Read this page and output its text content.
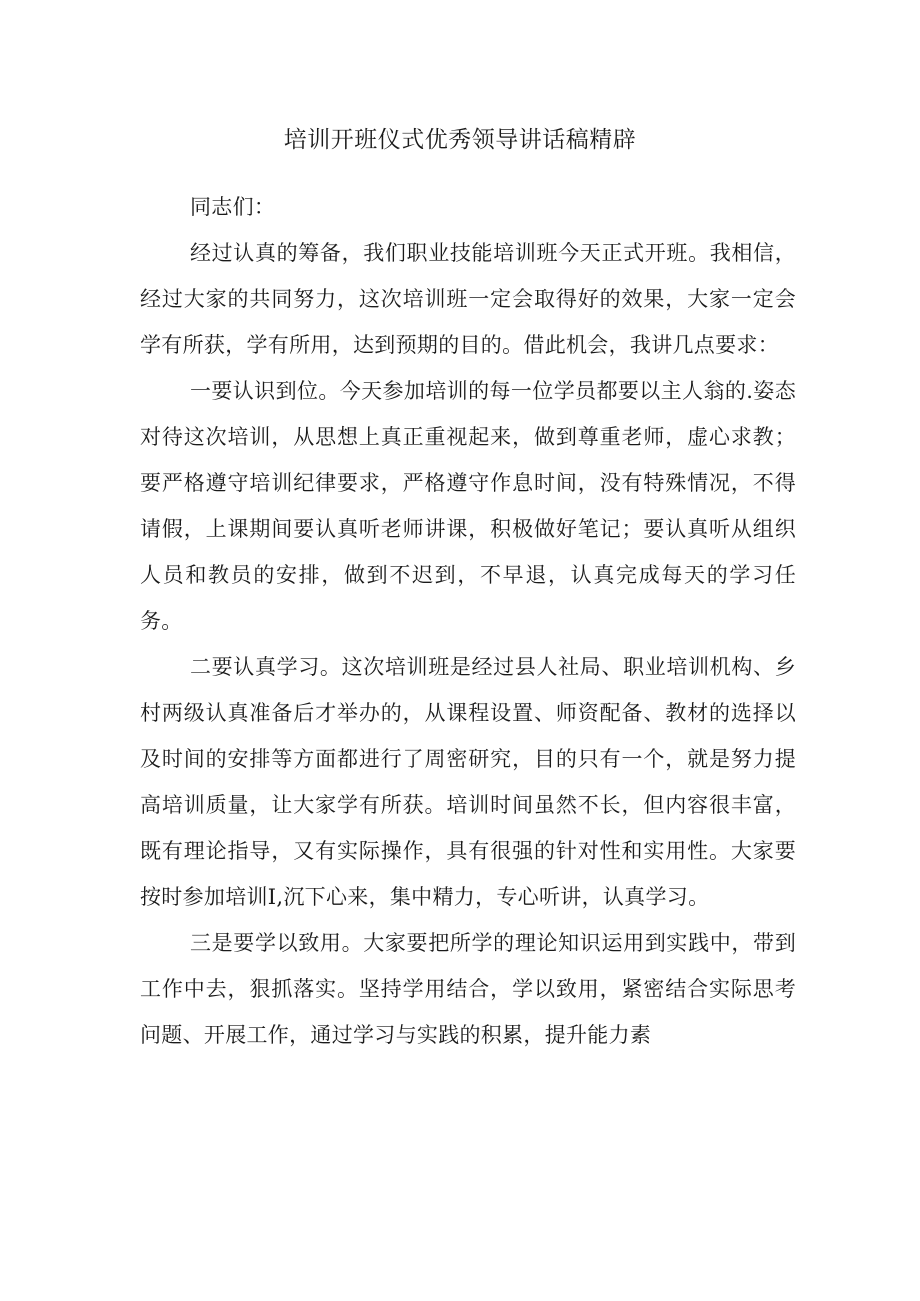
培训开班仪式优秀领导讲话稿精辟

同志们：

经过认真的筹备，我们职业技能培训班今天正式开班。我相信，经过大家的共同努力，这次培训班一定会取得好的效果，大家一定会学有所获，学有所用，达到预期的目的。借此机会，我讲几点要求：

一要认识到位。今天参加培训的每一位学员都要以主人翁的.姿态对待这次培训，从思想上真正重视起来，做到尊重老师，虚心求教；要严格遵守培训纪律要求，严格遵守作息时间，没有特殊情况，不得请假，上课期间要认真听老师讲课，积极做好笔记；要认真听从组织人员和教员的安排，做到不迟到，不早退，认真完成每天的学习任务。

二要认真学习。这次培训班是经过县人社局、职业培训机构、乡村两级认真准备后才举办的，从课程设置、师资配备、教材的选择以及时间的安排等方面都进行了周密研究，目的只有一个，就是努力提高培训质量，让大家学有所获。培训时间虽然不长，但内容很丰富，既有理论指导，又有实际操作，具有很强的针对性和实用性。大家要按时参加培训Ⅰ,沉下心来，集中精力，专心听讲，认真学习。

三是要学以致用。大家要把所学的理论知识运用到实践中，带到工作中去，狠抓落实。坚持学用结合，学以致用，紧密结合实际思考问题、开展工作，通过学习与实践的积累，提升能力素
